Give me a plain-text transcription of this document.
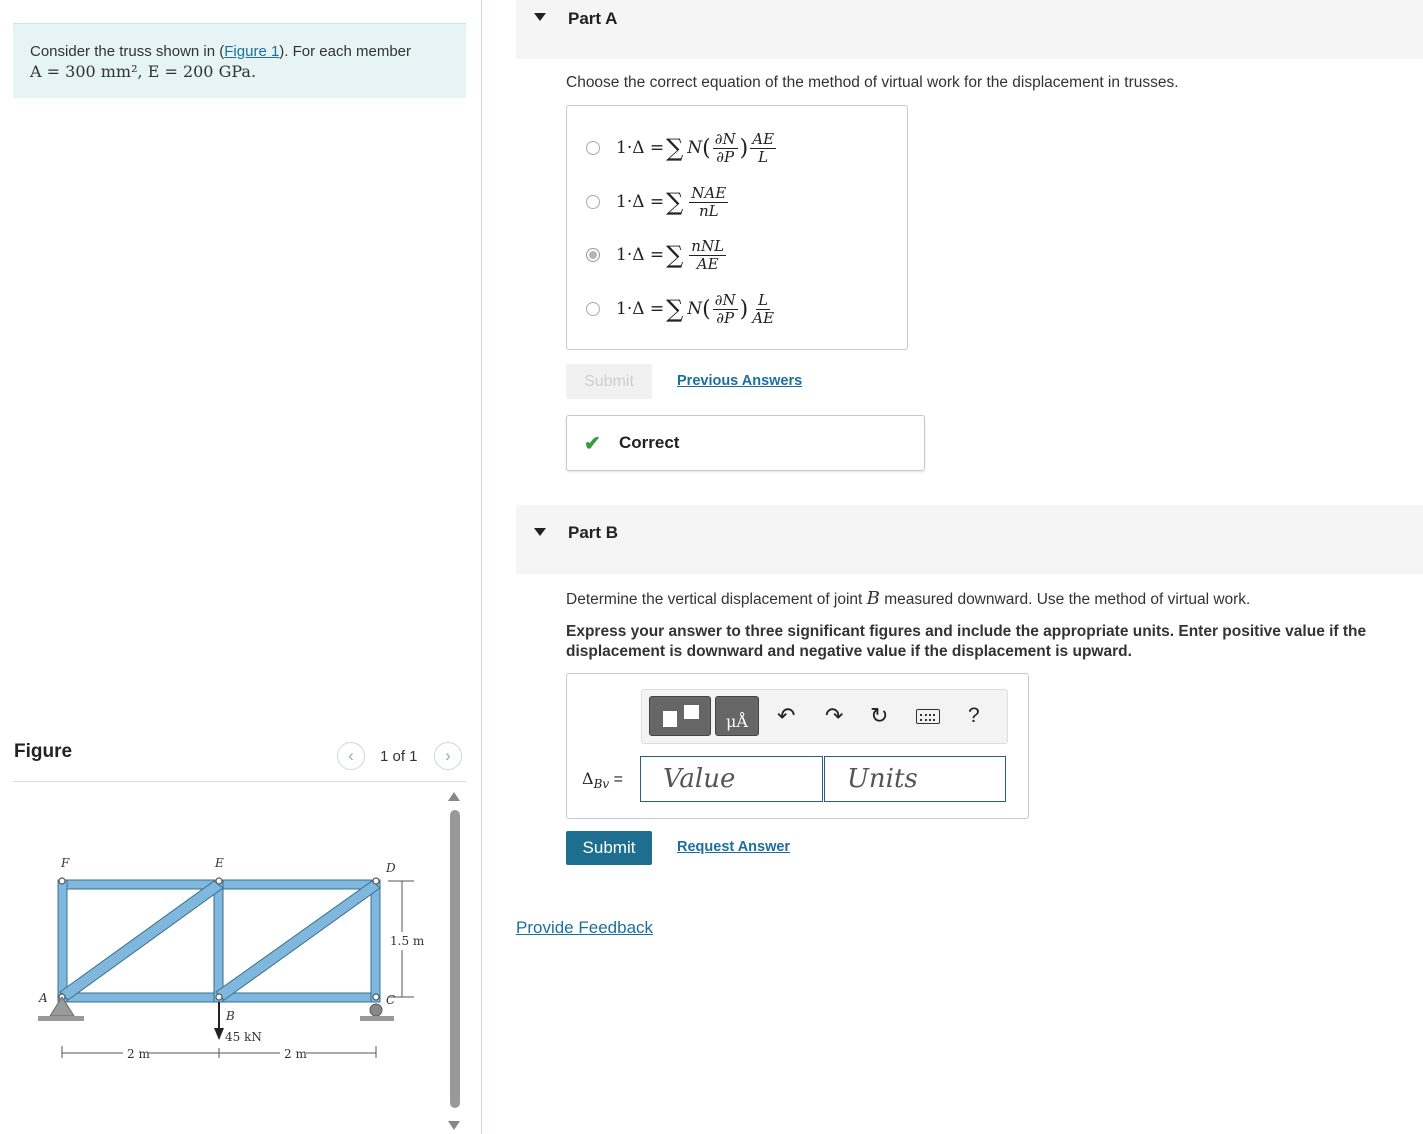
Consider the truss shown in (Figure 1). For each member
A = 300 mm², E = 200 GPa.
Figure	‹	1 of 1	›
F	E	D
A
B
C
45 kN
1.5 m
2 m	2 m
Part A
Choose the correct equation of the method of virtual work for the displacement in trusses.
1·Δ = ∑ N ( $\frac{\partial N}{\partial P}$ ) $\frac{AE}{L}$
1·Δ = ∑ $\frac{\text{NAE}}{nL}$
1·Δ = ∑ $\frac{\text{nNL}}{AE}$
1·Δ = ∑ N ( $\frac{\partial N}{\partial P}$ ) $\frac{L}{AE}$
Submit	Previous Answers
✔ Correct
Part B
Determine the vertical displacement of joint B measured downward. Use the method of virtual work.
Express your answer to three significant figures and include the appropriate units. Enter positive value if the displacement is downward and negative value if the displacement is upward.
μÅ	↶ ↷ ↻	?
$\Delta_{Bv}$ =
Value
Units
Submit	Request Answer
Provide Feedback
